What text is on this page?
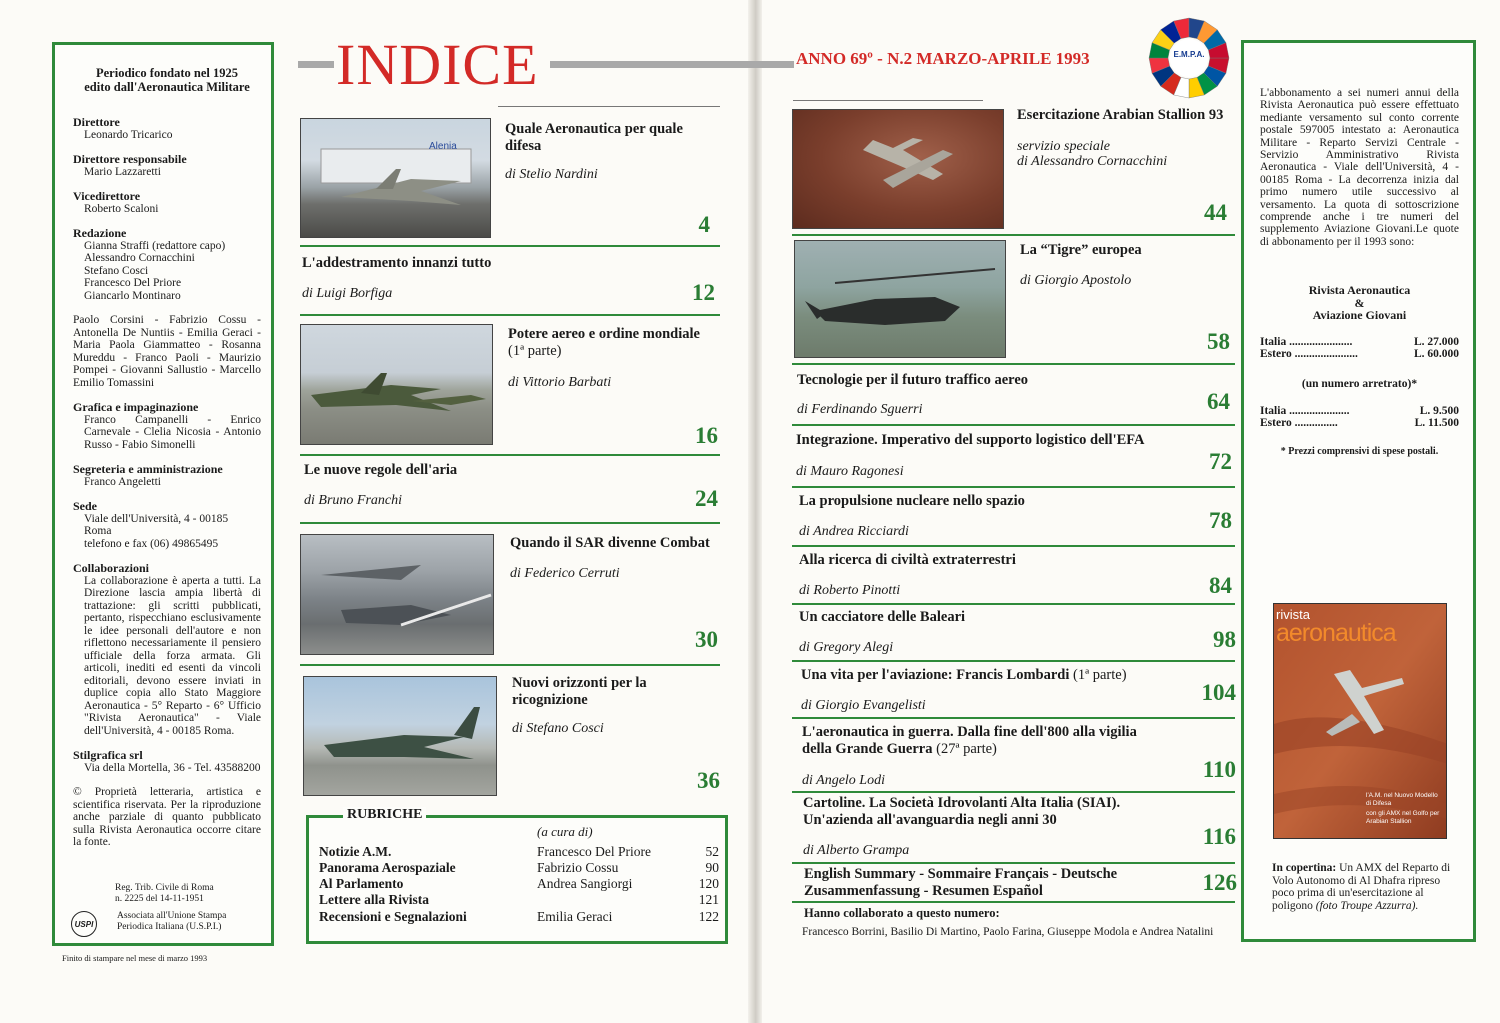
Periodico fondato nel 1925
edito dall'Aeronautica Militare
Direttore
Leonardo Tricarico
Direttore responsabile
Mario Lazzaretti
Vicedirettore
Roberto Scaloni
Redazione
Gianna Straffi (redattore capo)
Alessandro Cornacchini
Stefano Cosci
Francesco Del Priore
Giancarlo Montinaro
Paolo Corsini - Fabrizio Cossu - Antonella De Nuntiis - Emilia Geraci - Maria Paola Giammatteo - Rosanna Mureddu - Franco Paoli - Maurizio Pompei - Giovanni Sallustio - Marcello Emilio Tomassini
Grafica e impaginazione
Franco Campanelli - Enrico Carnevale - Clelia Nicosia - Antonio Russo - Fabio Simonelli
Segreteria e amministrazione
Franco Angeletti
Sede
Viale dell'Università, 4 - 00185
Roma
telefono e fax (06) 49865495
Collaborazioni
La collaborazione è aperta a tutti. La Direzione lascia ampia libertà di trattazione: gli scritti pubblicati, pertanto, rispecchiano esclusivamente le idee personali dell'autore e non riflettono necessariamente il pensiero ufficiale della forza armata. Gli articoli, inediti ed esenti da vincoli editoriali, devono essere inviati in duplice copia allo Stato Maggiore Aeronautica - 5° Reparto - 6° Ufficio "Rivista Aeronautica" - Viale dell'Università, 4 - 00185 Roma.
Stilgrafica srl
Via della Mortella, 36 - Tel. 43588200
© Proprietà letteraria, artistica e scientifica riservata. Per la riproduzione anche parziale di quanto pubblicato sulla Rivista Aeronautica occorre citare la fonte.
Reg. Trib. Civile di Roma
n. 2225 del 14-11-1951
USPI
Associata all'Unione Stampa
Periodica Italiana (U.S.P.I.)
Finito di stampare nel mese di marzo 1993
INDICE	ANNO 69º - N.2 MARZO-APRILE 1993	E.M.P.A.
Alenia
Quale Aeronautica per quale difesa
di Stelio Nardini
4
L'addestramento innanzi tutto
di Luigi Borfiga	12
Potere aereo e ordine mondiale (1ª parte)
di Vittorio Barbati
16
Le nuove regole dell'aria
di Bruno Franchi	24
Quando il SAR divenne Combat
di Federico Cerruti
30
Nuovi orizzonti per la ricognizione
di Stefano Cosci
36
RUBRICHE
(a cura di)
Notizie A.M.	Francesco Del Priore	52
Panorama Aerospaziale	Fabrizio Cossu	90
Al Parlamento	Andrea Sangiorgi	120
Lettere alla Rivista	121
Recensioni e Segnalazioni	Emilia Geraci	122
Esercitazione Arabian Stallion 93
servizio speciale
di Alessandro Cornacchini
44
La “Tigre” europea
di Giorgio Apostolo
58
Tecnologie per il futuro traffico aereo
di Ferdinando Sguerri	64
Integrazione. Imperativo del supporto logistico dell'EFA
di Mauro Ragonesi	72
La propulsione nucleare nello spazio
di Andrea Ricciardi	78
Alla ricerca di civiltà extraterrestri
di Roberto Pinotti	84
Un cacciatore delle Baleari
di Gregory Alegi	98
Una vita per l'aviazione: Francis Lombardi (1ª parte)
di Giorgio Evangelisti
104
L'aeronautica in guerra. Dalla fine dell'800 alla vigilia
della Grande Guerra (27ª parte)
di Angelo Lodi	110
Cartoline. La Società Idrovolanti Alta Italia (SIAI).
Un'azienda all'avanguardia negli anni 30
di Alberto Grampa
116
English Summary - Sommaire Français - Deutsche
Zusammenfassung - Resumen Español	126
Hanno collaborato a questo numero:
Francesco Borrini, Basilio Di Martino, Paolo Farina, Giuseppe Modola e Andrea Natalini
L'abbonamento a sei numeri annui della Rivista Aeronautica può essere effettuato mediante versamento sul conto corrente postale 597005 intestato a: Aeronautica Militare - Reparto Servizi Centrale - Servizio Amministrativo Rivista Aeronautica - Viale dell'Università, 4 - 00185 Roma - La decorrenza inizia dal primo numero utile successivo al versamento. La quota di sottoscrizione comprende anche i tre numeri del supplemento Aviazione Giovani.Le quote di abbonamento per il 1993 sono:
Rivista Aeronautica
&
Aviazione Giovani
Italia ......................	L. 27.000
Estero ......................	L. 60.000
(un numero arretrato)*
Italia .....................	L. 9.500
Estero ...............	L. 11.500
* Prezzi comprensivi di spese postali.
rivista
aeronautica
l'A.M. nel Nuovo Modello di Difesa
con gli AMX nel Golfo per Arabian Stallion
In copertina: Un AMX del Reparto di Volo Autonomo di Al Dhafra ripreso poco prima di un'esercitazione al poligono (foto Troupe Azzurra).
